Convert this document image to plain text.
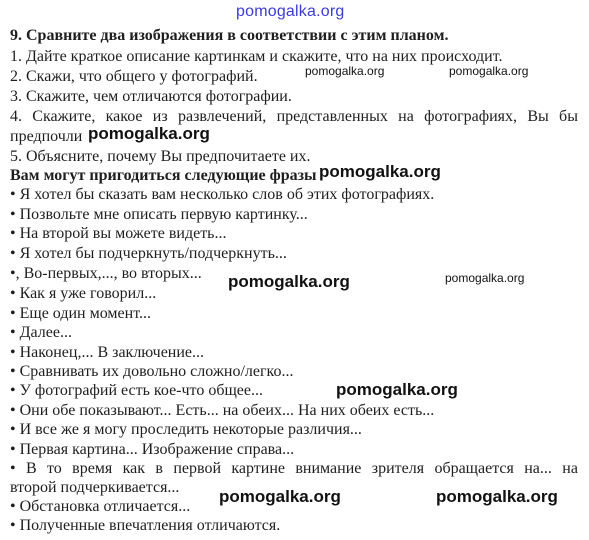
pomogalka.org
9. Сравните два изображения в соответствии с этим планом.
1. Дайте краткое описание картинкам и скажите, что на них происходит.
2. Скажи, что общего у фотографий.	pomogalka.org	pomogalka.org
3. Скажите, чем отличаются фотографии.
4. Скажите, какое из развлечений, представленных на фотографиях, Вы бы
предпочли pomogalka.org
5. Объясните, почему Вы предпочитаете их.
Вам могут пригодиться следующие фразы pomogalka.org
• Я хотел бы сказать вам несколько слов об этих фотографиях.
• Позвольте мне описать первую картинку...
• На второй вы можете видеть...
• Я хотел бы подчеркнуть/подчеркнуть...
•, Во-первых,..., во вторых... pomogalka.org	pomogalka.org
• Как я уже говорил...
• Еще один момент...
• Далее...
• Наконец,... В заключение...
• Сравнивать их довольно сложно/легко...
• У фотографий есть кое-что общее...	pomogalka.org
• Они обе показывают... Есть... на обеих... На них обеих есть...
• И все же я могу проследить некоторые различия...
• Первая картина... Изображение справа...
• В то время как в первой картине внимание зрителя обращается на... на
второй подчеркивается...
• Обстановка отличается...
pomogalka.org	pomogalka.org
• Полученные впечатления отличаются.
